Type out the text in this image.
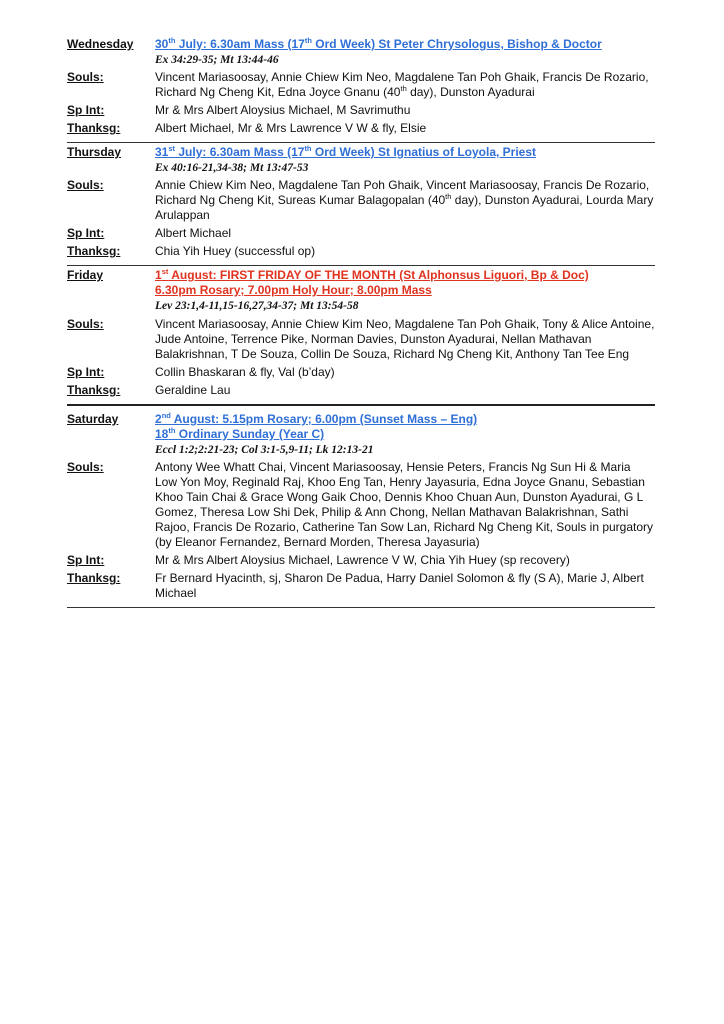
Wednesday	30th July: 6.30am Mass (17th Ord Week) St Peter Chrysologus, Bishop & Doctor
Ex 34:29-35; Mt 13:44-46
Souls:	Vincent Mariasoosay, Annie Chiew Kim Neo, Magdalene Tan Poh Ghaik, Francis De Rozario, Richard Ng Cheng Kit, Edna Joyce Gnanu (40th day), Dunston Ayadurai
Sp Int:	Mr & Mrs Albert Aloysius Michael, M Savrimuthu
Thanksg:	Albert Michael, Mr & Mrs Lawrence V W & fly, Elsie
Thursday	31st July: 6.30am Mass (17th Ord Week) St Ignatius of Loyola, Priest
Ex 40:16-21,34-38; Mt 13:47-53
Souls:	Annie Chiew Kim Neo, Magdalene Tan Poh Ghaik, Vincent Mariasoosay, Francis De Rozario, Richard Ng Cheng Kit, Sureas Kumar Balagopalan (40th day), Dunston Ayadurai, Lourda Mary Arulappan
Sp Int:	Albert Michael
Thanksg:	Chia Yih Huey (successful op)
Friday	1st August: FIRST FRIDAY OF THE MONTH (St Alphonsus Liguori, Bp & Doc)
6.30pm Rosary; 7.00pm Holy Hour; 8.00pm Mass
Lev 23:1,4-11,15-16,27,34-37; Mt 13:54-58
Souls:	Vincent Mariasoosay, Annie Chiew Kim Neo, Magdalene Tan Poh Ghaik, Tony & Alice Antoine, Jude Antoine, Terrence Pike, Norman Davies, Dunston Ayadurai, Nellan Mathavan Balakrishnan, T De Souza, Collin De Souza, Richard Ng Cheng Kit, Anthony Tan Tee Eng
Sp Int:	Collin Bhaskaran & fly, Val (b’day)
Thanksg:	Geraldine Lau
Saturday	2nd August: 5.15pm Rosary; 6.00pm (Sunset Mass – Eng)
18th Ordinary Sunday (Year C)
Eccl 1:2;2:21-23; Col 3:1-5,9-11; Lk 12:13-21
Souls:	Antony Wee Whatt Chai, Vincent Mariasoosay, Hensie Peters, Francis Ng Sun Hi & Maria Low Yon Moy, Reginald Raj, Khoo Eng Tan, Henry Jayasuria, Edna Joyce Gnanu, Sebastian Khoo Tain Chai & Grace Wong Gaik Choo, Dennis Khoo Chuan Aun, Dunston Ayadurai, G L Gomez, Theresa Low Shi Dek, Philip & Ann Chong, Nellan Mathavan Balakrishnan, Sathi Rajoo, Francis De Rozario, Catherine Tan Sow Lan, Richard Ng Cheng Kit, Souls in purgatory (by Eleanor Fernandez, Bernard Morden, Theresa Jayasuria)
Sp Int:	Mr & Mrs Albert Aloysius Michael, Lawrence V W, Chia Yih Huey (sp recovery)
Thanksg:	Fr Bernard Hyacinth, sj, Sharon De Padua, Harry Daniel Solomon & fly (S A), Marie J, Albert Michael
